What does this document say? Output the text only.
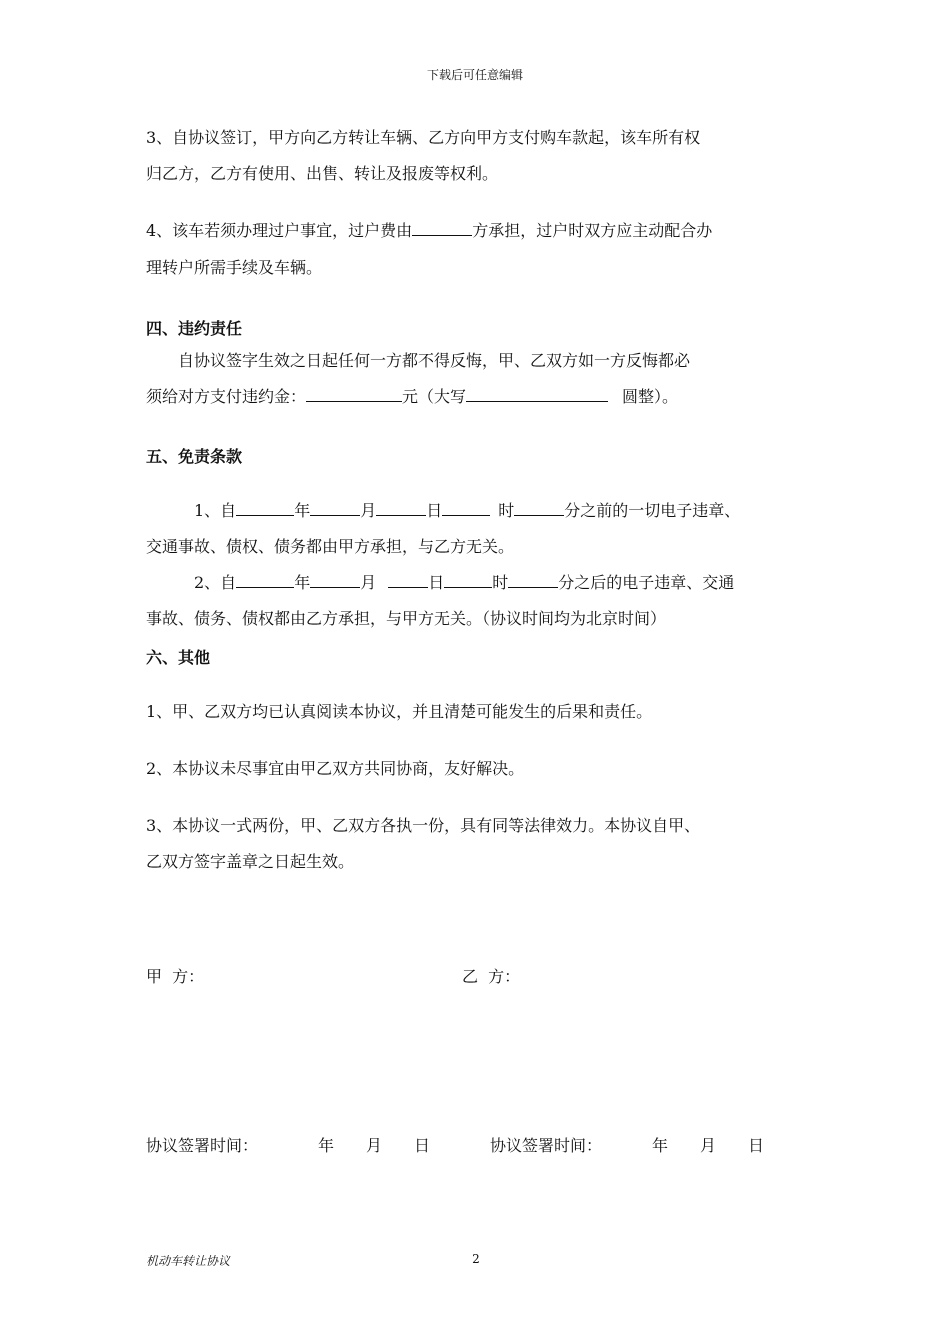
下载后可任意编辑
3、自协议签订，甲方向乙方转让车辆、乙方向甲方支付购车款起，该车所有权
归乙方，乙方有使用、出售、转让及报废等权利。
4、该车若须办理过户事宜，过户费由	方承担，过户时双方应主动配合办
理转户所需手续及车辆。
四、违约责任
自协议签字生效之日起任何一方都不得反悔，甲、乙双方如一方反悔都必
须给对方支付违约金：	元（大写	圆整）。
五、免责条款
1、自	年	月	日	时	分之前的一切电子违章、
交通事故、债权、债务都由甲方承担，与乙方无关。
2、自	年	月	日	时	分之后的电子违章、交通
事故、债务、债权都由乙方承担，与甲方无关。（协议时间均为北京时间）
六、其他
1、甲、乙双方均已认真阅读本协议，并且清楚可能发生的后果和责任。
2、本协议未尽事宜由甲乙双方共同协商，友好解决。
3、本协议一式两份，甲、乙双方各执一份，具有同等法律效力。本协议自甲、
乙双方签字盖章之日起生效。
甲  方：	乙  方：
协议签署时间：	年 月 日	协议签署时间：	年 月 日
机动车转让协议	2
